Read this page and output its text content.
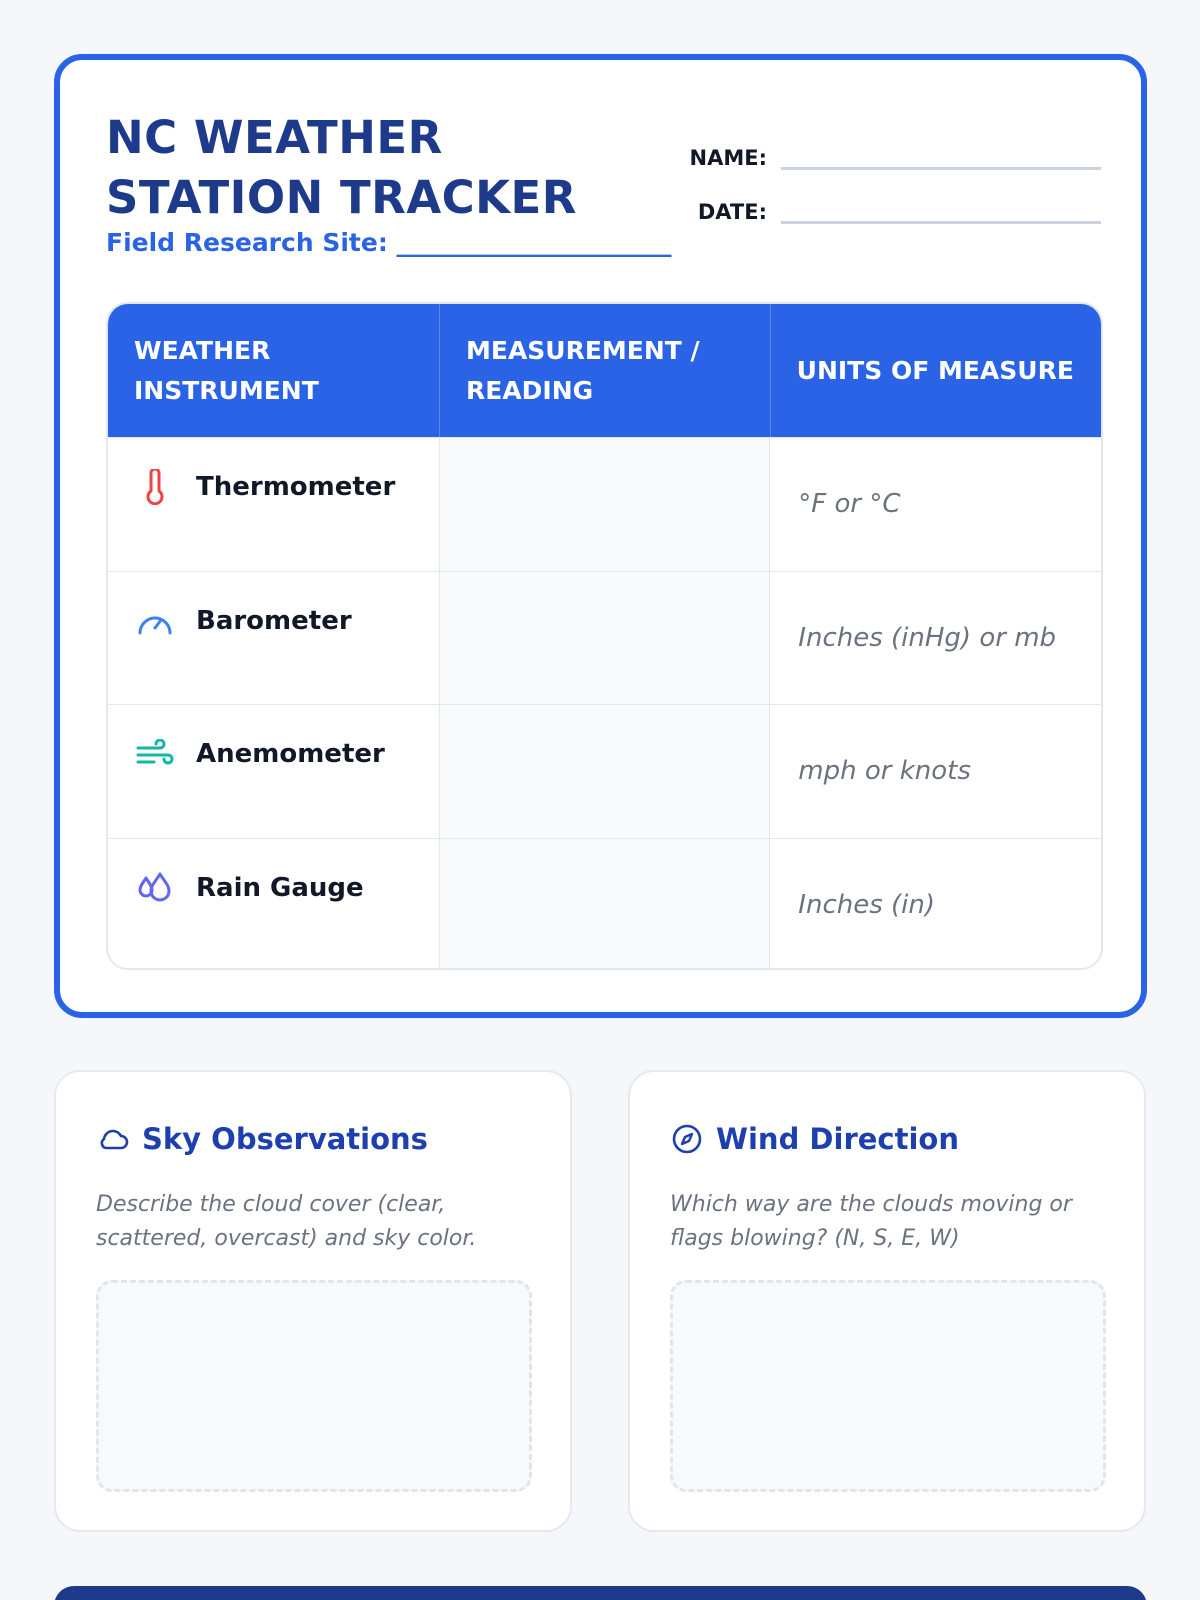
NC WEATHER
STATION TRACKER
Field Research Site: ______________________
NAME:
DATE:
WEATHER INSTRUMENT
MEASUREMENT / READING
UNITS OF MEASURE
Thermometer
°F or °C
Barometer
Inches (inHg) or mb
Anemometer
mph or knots
Rain Gauge
Inches (in)
Sky Observations
Describe the cloud cover (clear, scattered, overcast) and sky color.
Wind Direction
Which way are the clouds moving or flags blowing? (N, S, E, W)
